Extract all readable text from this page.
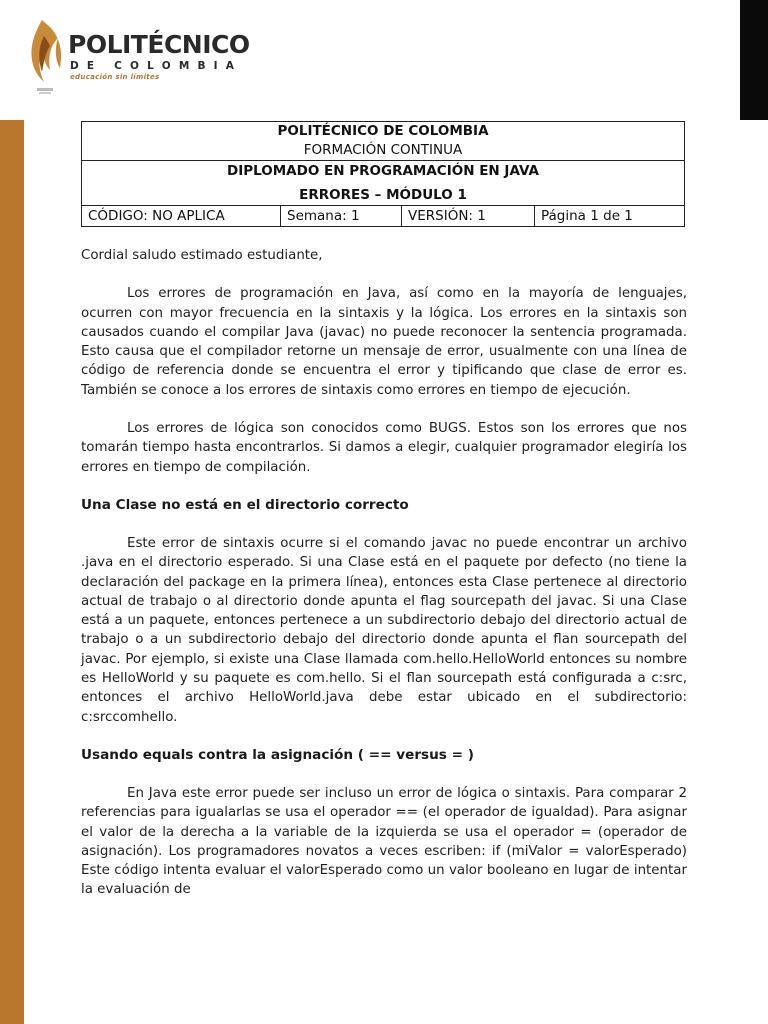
POLITÉCNICO
DE COLOMBIA
educación sin límites
POLITÉCNICO DE COLOMBIA
FORMACIÓN CONTINUA

DIPLOMADO EN PROGRAMACIÓN EN JAVA
ERRORES – MÓDULO 1

CÓDIGO: NO APLICA	Semana: 1	VERSIÓN: 1	Página 1 de 1

Cordial saludo estimado estudiante,

Los errores de programación en Java, así como en la mayoría de lenguajes, ocurren con mayor frecuencia en la sintaxis y la lógica. Los errores en la sintaxis son causados cuando el compilar Java (javac) no puede reconocer la sentencia programada. Esto causa que el compilador retorne un mensaje de error, usualmente con una línea de código de referencia donde se encuentra el error y tipificando que clase de error es. También se conoce a los errores de sintaxis como errores en tiempo de ejecución.

Los errores de lógica son conocidos como BUGS. Estos son los errores que nos tomarán tiempo hasta encontrarlos. Si damos a elegir, cualquier programador elegiría los errores en tiempo de compilación.

Una Clase no está en el directorio correcto

Este error de sintaxis ocurre si el comando javac no puede encontrar un archivo .java en el directorio esperado. Si una Clase está en el paquete por defecto (no tiene la declaración del package en la primera línea), entonces esta Clase pertenece al directorio actual de trabajo o al directorio donde apunta el flag sourcepath del javac. Si una Clase está a un paquete, entonces pertenece a un subdirectorio debajo del directorio actual de trabajo o a un subdirectorio debajo del directorio donde apunta el flan sourcepath del javac. Por ejemplo, si existe una Clase llamada com.hello.HelloWorld entonces su nombre es HelloWorld y su paquete es com.hello. Si el flan sourcepath está configurada a c:src, entonces el archivo HelloWorld.java debe estar ubicado en el subdirectorio: c:srccomhello.

Usando equals contra la asignación ( == versus = )

En Java este error puede ser incluso un error de lógica o sintaxis. Para comparar 2 referencias para igualarlas se usa el operador == (el operador de igualdad). Para asignar el valor de la derecha a la variable de la izquierda se usa el operador = (operador de asignación). Los programadores novatos a veces escriben: if (miValor = valorEsperado) Este código intenta evaluar el valorEsperado como un valor booleano en lugar de intentar la evaluación de
